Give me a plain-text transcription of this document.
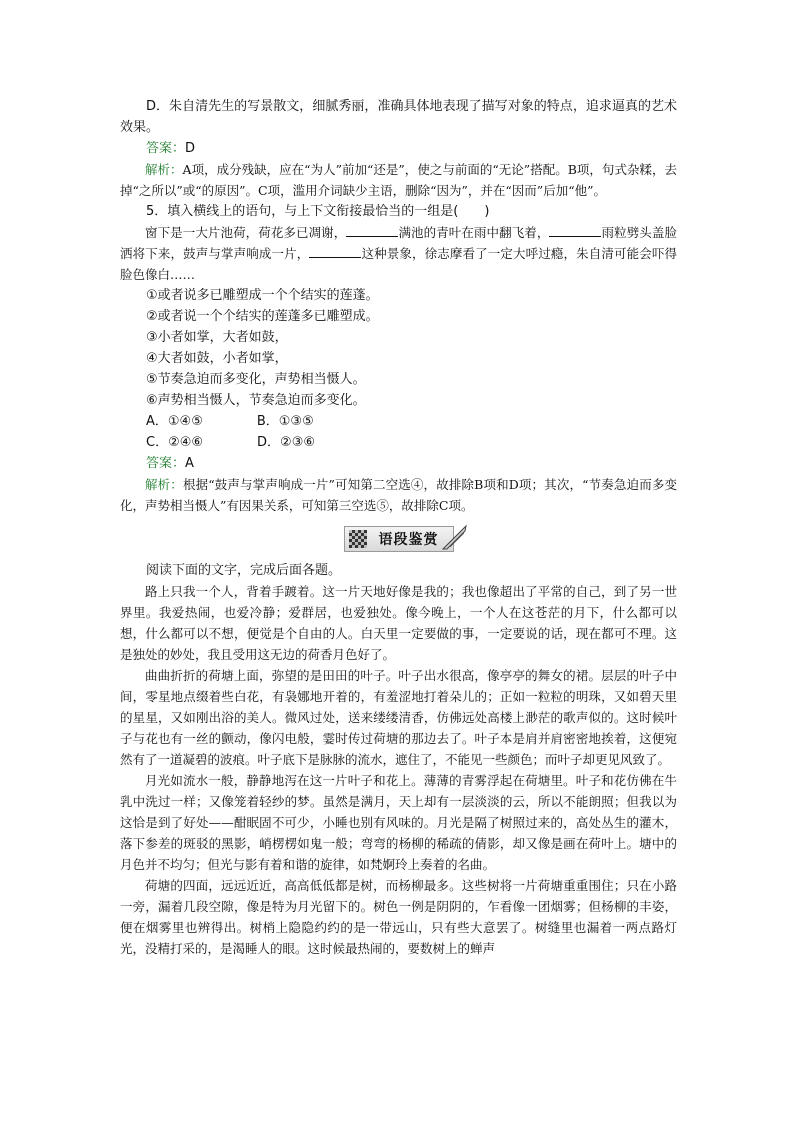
D．朱自清先生的写景散文，细腻秀丽，准确具体地表现了描写对象的特点，追求逼真的艺术效果。

答案：D

解析：A项，成分残缺，应在“为人”前加“还是”，使之与前面的“无论”搭配。B项，句式杂糅，去掉“之所以”或“的原因”。C项，滥用介词缺少主语，删除“因为”，并在“因而”后加“他”。

5．填入横线上的语句，与上下文衔接最恰当的一组是(　　)

窗下是一大片池荷，荷花多已凋谢，	满池的青叶在雨中翻飞着，	雨粒劈头盖脸洒将下来，鼓声与掌声响成一片，	这种景象，徐志摩看了一定大呼过瘾，朱自清可能会吓得脸色像白……

①或者说多已雕塑成一个个结实的莲蓬。

②或者说一个个结实的莲蓬多已雕塑成。

③小者如掌，大者如鼓，

④大者如鼓，小者如掌，

⑤节奏急迫而多变化，声势相当慑人。

⑥声势相当慑人，节奏急迫而多变化。

A．①④⑤	B．①③⑤
C．②④⑥	D．②③⑥

答案：A

解析：根据“鼓声与掌声响成一片”可知第二空选④，故排除B项和D项；其次，“节奏急迫而多变化，声势相当慑人”有因果关系，可知第三空选⑤，故排除C项。

语段鉴赏

阅读下面的文字，完成后面各题。

路上只我一个人，背着手踱着。这一片天地好像是我的；我也像超出了平常的自己，到了另一世界里。我爱热闹，也爱冷静；爱群居，也爱独处。像今晚上，一个人在这苍茫的月下，什么都可以想，什么都可以不想，便觉是个自由的人。白天里一定要做的事，一定要说的话，现在都可不理。这是独处的妙处，我且受用这无边的荷香月色好了。

曲曲折折的荷塘上面，弥望的是田田的叶子。叶子出水很高，像亭亭的舞女的裙。层层的叶子中间，零星地点缀着些白花，有袅娜地开着的，有羞涩地打着朵儿的；正如一粒粒的明珠，又如碧天里的星星，又如刚出浴的美人。微风过处，送来缕缕清香，仿佛远处高楼上渺茫的歌声似的。这时候叶子与花也有一丝的颤动，像闪电般，霎时传过荷塘的那边去了。叶子本是肩并肩密密地挨着，这便宛然有了一道凝碧的波痕。叶子底下是脉脉的流水，遮住了，不能见一些颜色；而叶子却更见风致了。

月光如流水一般，静静地泻在这一片叶子和花上。薄薄的青雾浮起在荷塘里。叶子和花仿佛在牛乳中洗过一样；又像笼着轻纱的梦。虽然是满月，天上却有一层淡淡的云，所以不能朗照；但我以为这恰是到了好处——酣眠固不可少，小睡也别有风味的。月光是隔了树照过来的，高处丛生的灌木，落下参差的斑驳的黑影，峭楞楞如鬼一般；弯弯的杨柳的稀疏的倩影，却又像是画在荷叶上。塘中的月色并不均匀；但光与影有着和谐的旋律，如梵婀玲上奏着的名曲。

荷塘的四面，远远近近，高高低低都是树，而杨柳最多。这些树将一片荷塘重重围住；只在小路一旁，漏着几段空隙，像是特为月光留下的。树色一例是阴阴的，乍看像一团烟雾；但杨柳的丰姿，便在烟雾里也辨得出。树梢上隐隐约约的是一带远山，只有些大意罢了。树缝里也漏着一两点路灯光，没精打采的，是渴睡人的眼。这时候最热闹的，要数树上的蝉声
